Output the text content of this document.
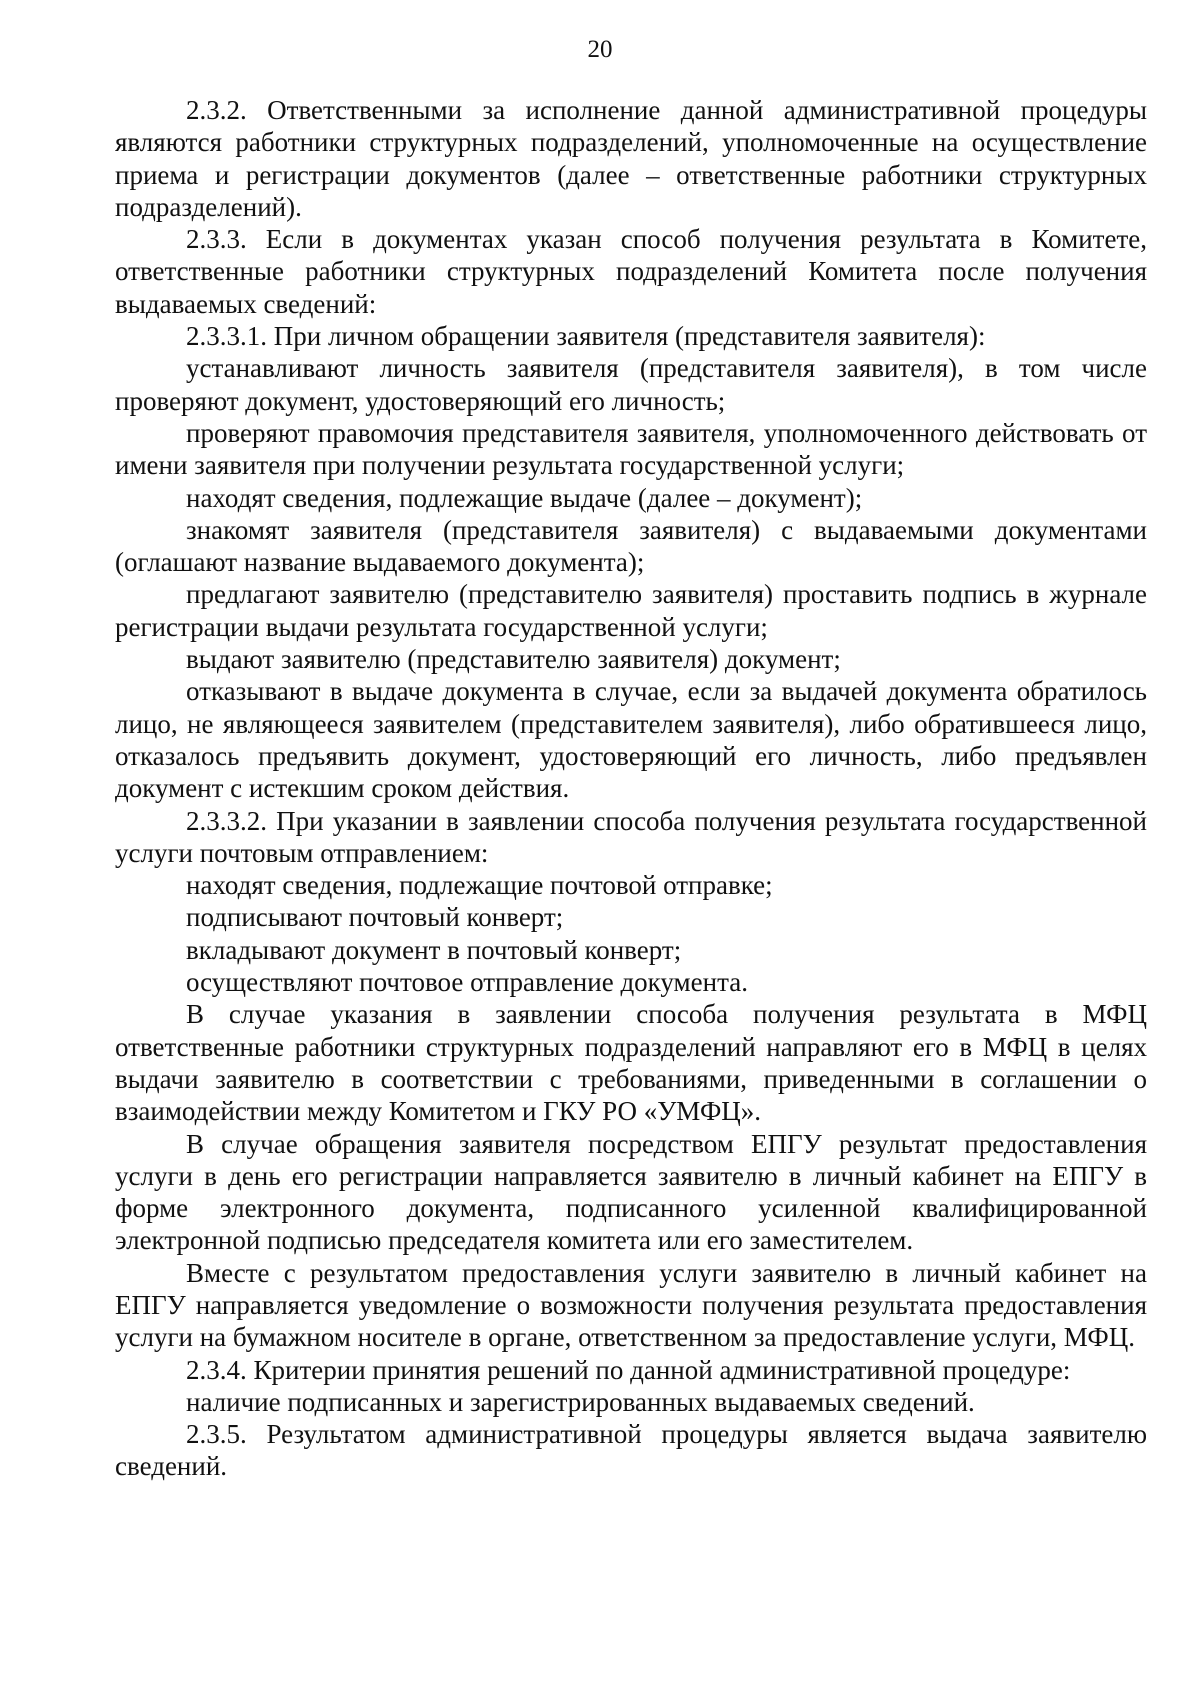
20

2.3.2. Ответственными за исполнение данной административной процедуры являются работники структурных подразделений, уполномоченные на осуществление приема и регистрации документов (далее – ответственные работники структурных подразделений).

2.3.3. Если в документах указан способ получения результата в Комитете, ответственные работники структурных подразделений Комитета после получения выдаваемых сведений:

2.3.3.1. При личном обращении заявителя (представителя заявителя):

устанавливают личность заявителя (представителя заявителя), в том числе проверяют документ, удостоверяющий его личность;

проверяют правомочия представителя заявителя, уполномоченного действовать от имени заявителя при получении результата государственной услуги;

находят сведения, подлежащие выдаче (далее – документ);

знакомят заявителя (представителя заявителя) с выдаваемыми документами (оглашают название выдаваемого документа);

предлагают заявителю (представителю заявителя) проставить подпись в журнале регистрации выдачи результата государственной услуги;

выдают заявителю (представителю заявителя) документ;

отказывают в выдаче документа в случае, если за выдачей документа обратилось лицо, не являющееся заявителем (представителем заявителя), либо обратившееся лицо, отказалось предъявить документ, удостоверяющий его личность, либо предъявлен документ с истекшим сроком действия.

2.3.3.2. При указании в заявлении способа получения результата государственной услуги почтовым отправлением:

находят сведения, подлежащие почтовой отправке;

подписывают почтовый конверт;

вкладывают документ в почтовый конверт;

осуществляют почтовое отправление документа.

В случае указания в заявлении способа получения результата в МФЦ ответственные работники структурных подразделений направляют его в МФЦ в целях выдачи заявителю в соответствии с требованиями, приведенными в соглашении о взаимодействии между Комитетом и ГКУ РО «УМФЦ».

В случае обращения заявителя посредством ЕПГУ результат предоставления услуги в день его регистрации направляется заявителю в личный кабинет на ЕПГУ в форме электронного документа, подписанного усиленной квалифицированной электронной подписью председателя комитета или его заместителем.

Вместе с результатом предоставления услуги заявителю в личный кабинет на ЕПГУ направляется уведомление о возможности получения результата предоставления услуги на бумажном носителе в органе, ответственном за предоставление услуги, МФЦ.

2.3.4. Критерии принятия решений по данной административной процедуре:

наличие подписанных и зарегистрированных выдаваемых сведений.

2.3.5. Результатом административной процедуры является выдача заявителю сведений.
